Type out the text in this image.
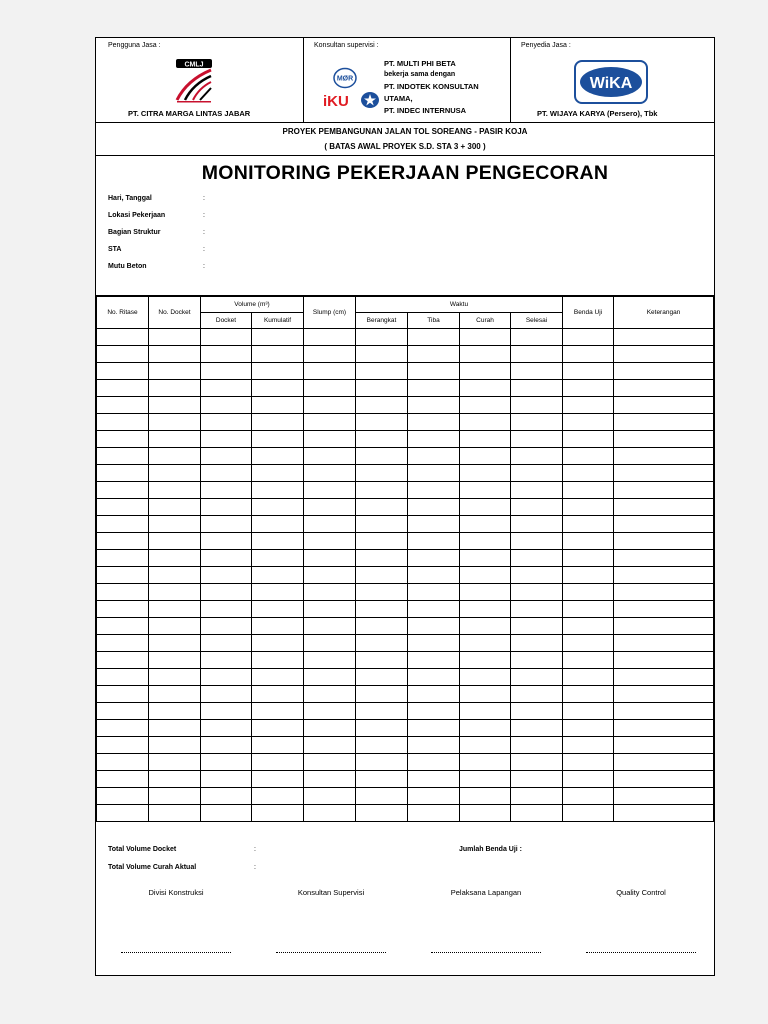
Pengguna Jasa :
CMLJ
PT. CITRA MARGA LINTAS JABAR
Konsultan supervisi :
MØR
iKU
PT. MULTI PHI BETA
bekerja sama dengan
PT. INDOTEK KONSULTAN
UTAMA,
PT. INDEC INTERNUSA
Penyedia Jasa :
WiKA
PT. WIJAYA KARYA (Persero), Tbk
PROYEK PEMBANGUNAN JALAN TOL SOREANG - PASIR KOJA
( BATAS AWAL PROYEK S.D. STA 3 + 300 )
MONITORING PEKERJAAN PENGECORAN
Hari, Tanggal	:
Lokasi Pekerjaan	:
Bagian Struktur	:
STA	:
Mutu Beton	:
No. Ritase	No. Docket	Volume (m³)		Slump (cm)	Waktu				Benda Uji	Keterangan
		Docket	Kumulatif		Berangkat	Tiba	Curah	Selesai		

Total Volume Docket	:	Jumlah Benda Uji :
Total Volume Curah Aktual	:
Divisi Konstruksi	Konsultan Supervisi	Pelaksana Lapangan	Quality Control
